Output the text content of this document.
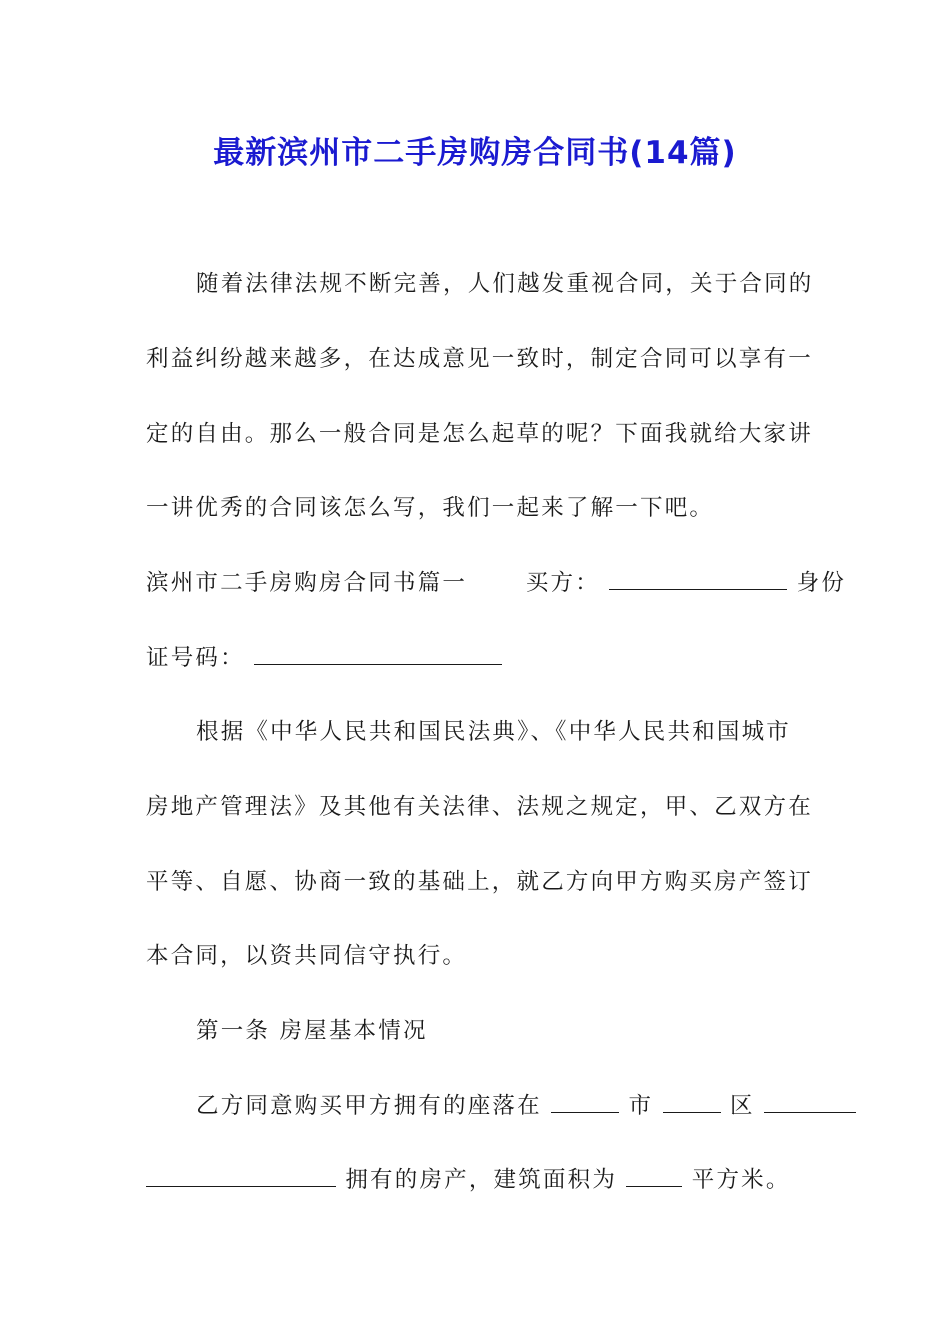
最新滨州市二手房购房合同书(14篇)
随着法律法规不断完善，人们越发重视合同，关于合同的
利益纠纷越来越多，在达成意见一致时，制定合同可以享有一
定的自由。那么一般合同是怎么起草的呢？下面我就给大家讲
一讲优秀的合同该怎么写，我们一起来了解一下吧。
滨州市二手房购房合同书篇一	买方：	身份
证号码：
根据《中华人民共和国民法典》、《中华人民共和国城市
房地产管理法》及其他有关法律、法规之规定，甲、乙双方在
平等、自愿、协商一致的基础上，就乙方向甲方购买房产签订
本合同，以资共同信守执行。
第一条 房屋基本情况
乙方同意购买甲方拥有的座落在	市	区
拥有的房产，建筑面积为	平方米。
